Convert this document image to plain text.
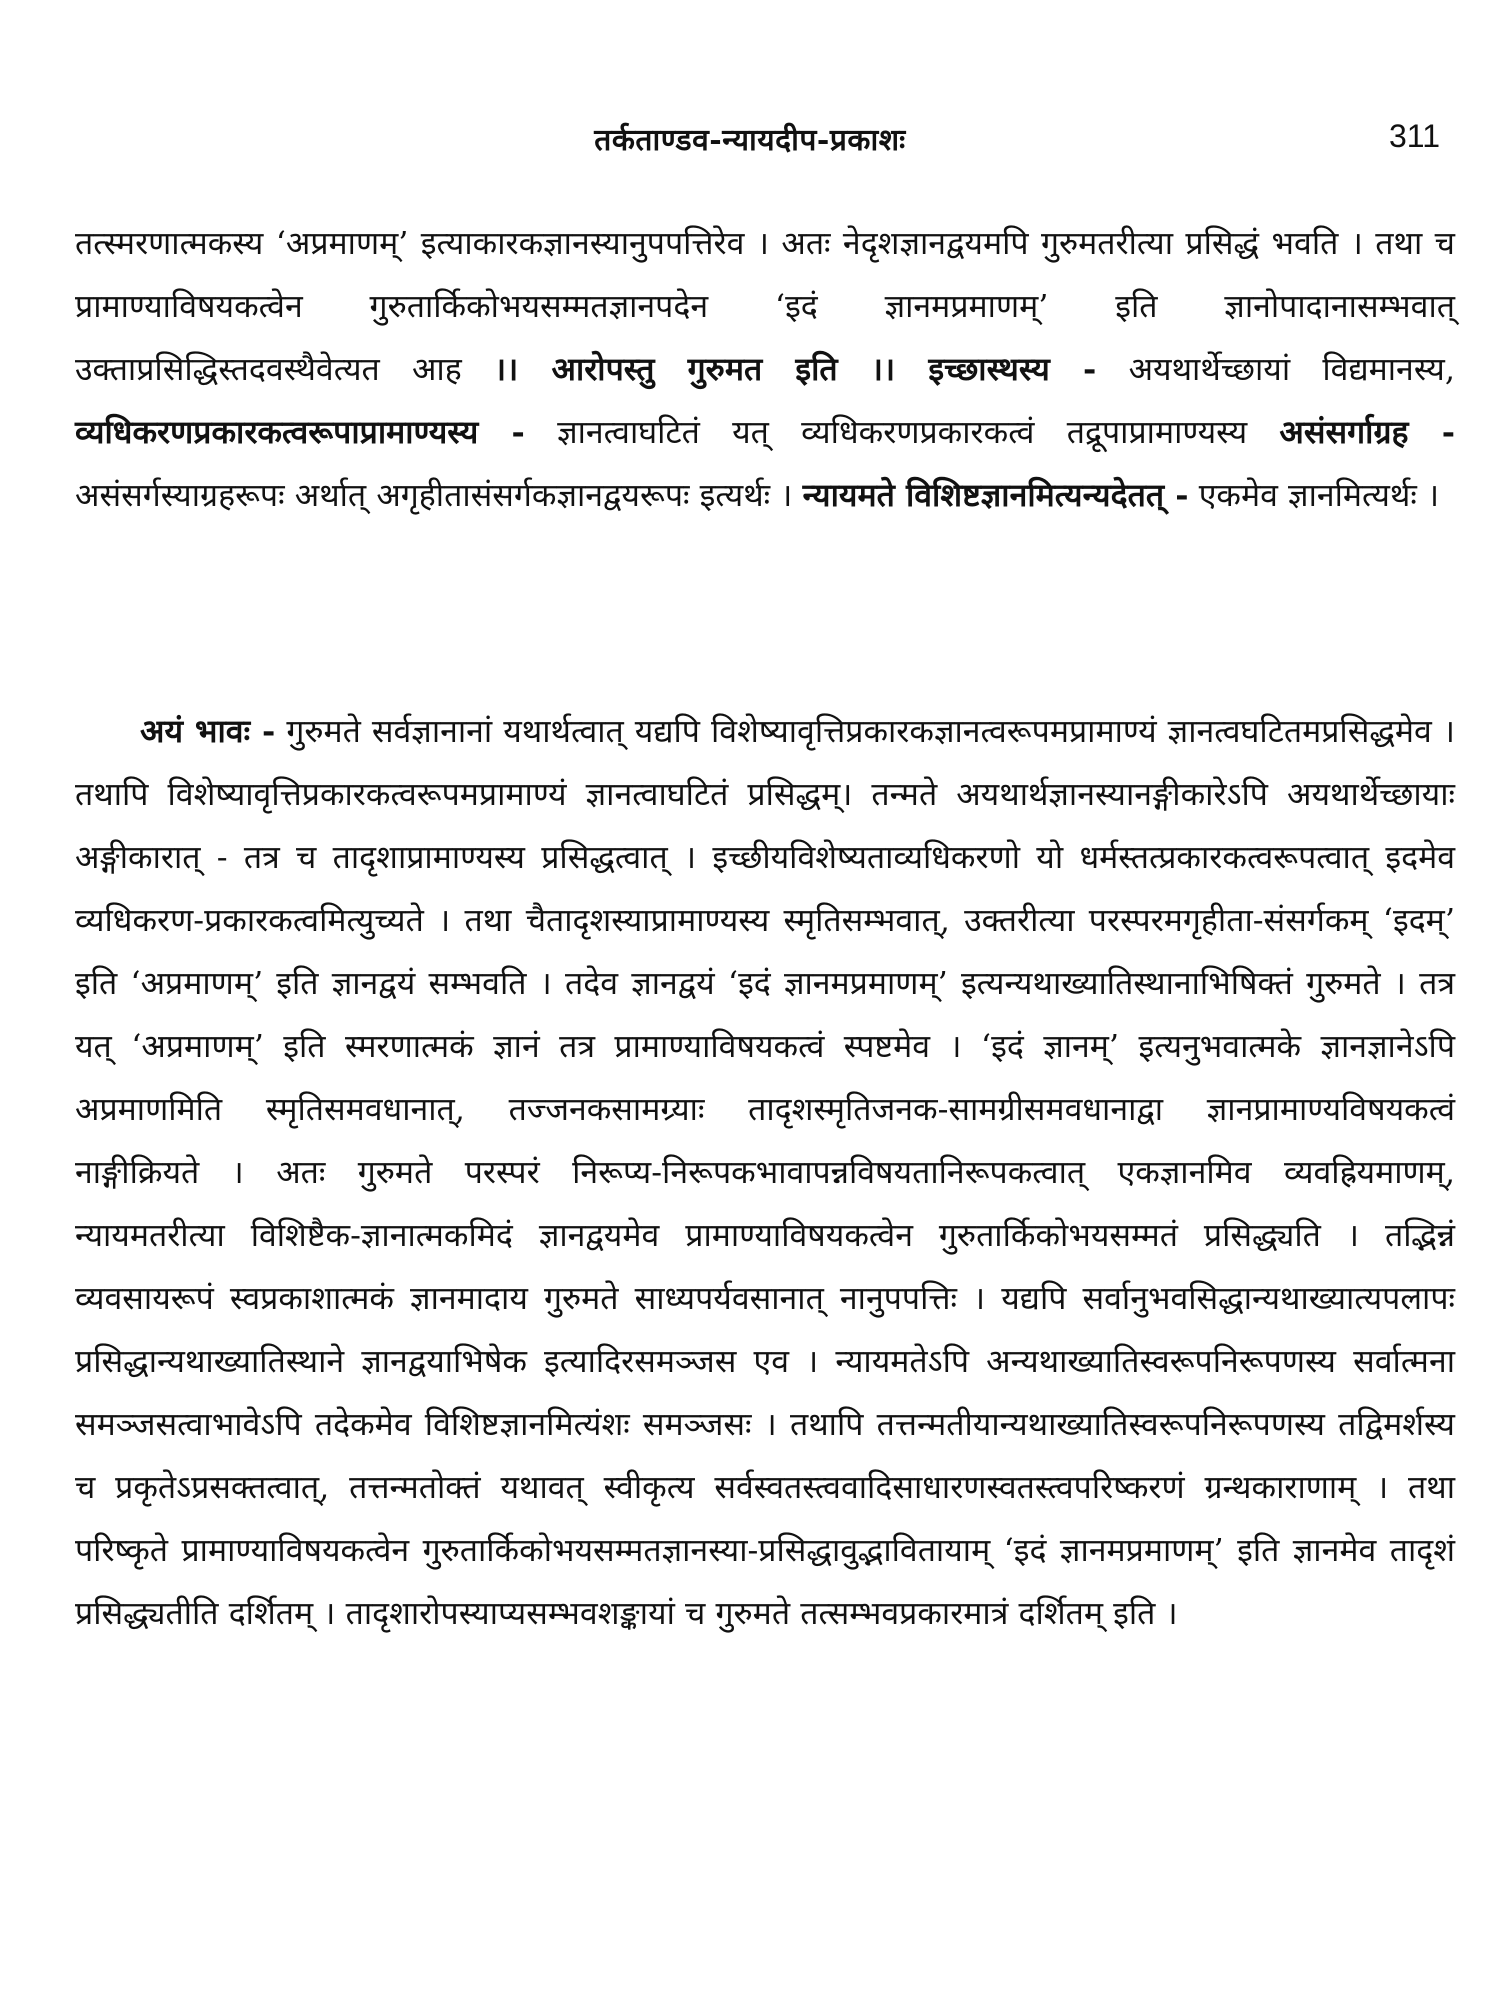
तर्कताण्डव-न्यायदीप-प्रकाशः	311
तत्स्मरणात्मकस्य ‘अप्रमाणम्’ इत्याकारकज्ञानस्यानुपपत्तिरेव । अतः नेदृशज्ञानद्वयमपि गुरुमतरीत्या प्रसिद्धं भवति । तथा च प्रामाण्याविषयकत्वेन गुरुतार्किकोभयसम्मतज्ञानपदेन ‘इदं ज्ञानमप्रमाणम्’ इति ज्ञानोपादानासम्भवात् उक्ताप्रसिद्धिस्तदवस्थैवेत्यत आह ।। आरोपस्तु गुरुमत इति ।। इच्छास्थस्य - अयथार्थेच्छायां विद्यमानस्य, व्यधिकरणप्रकारकत्वरूपाप्रामाण्यस्य - ज्ञानत्वाघटितं यत् व्यधिकरणप्रकारकत्वं तद्रूपाप्रामाण्यस्य असंसर्गाग्रह - असंसर्गस्याग्रहरूपः अर्थात् अगृहीतासंसर्गकज्ञानद्वयरूपः इत्यर्थः । न्यायमते विशिष्टज्ञानमित्यन्यदेतत् - एकमेव ज्ञानमित्यर्थः ।
अयं भावः - गुरुमते सर्वज्ञानानां यथार्थत्वात् यद्यपि विशेष्यावृत्तिप्रकारकज्ञानत्वरूपमप्रामाण्यं ज्ञानत्वघटितमप्रसिद्धमेव । तथापि विशेष्यावृत्तिप्रकारकत्वरूपमप्रामाण्यं ज्ञानत्वाघटितं प्रसिद्धम्। तन्मते अयथार्थज्ञानस्यानङ्गीकारेऽपि अयथार्थेच्छायाः अङ्गीकारात् - तत्र च तादृशाप्रामाण्यस्य प्रसिद्धत्वात् । इच्छीयविशेष्यताव्यधिकरणो यो धर्मस्तत्प्रकारकत्वरूपत्वात् इदमेव व्यधिकरण-प्रकारकत्वमित्युच्यते । तथा चैतादृशस्याप्रामाण्यस्य स्मृतिसम्भवात्, उक्तरीत्या परस्परमगृहीता-संसर्गकम् ‘इदम्’ इति ‘अप्रमाणम्’ इति ज्ञानद्वयं सम्भवति । तदेव ज्ञानद्वयं ‘इदं ज्ञानमप्रमाणम्’ इत्यन्यथाख्यातिस्थानाभिषिक्तं गुरुमते । तत्र यत् ‘अप्रमाणम्’ इति स्मरणात्मकं ज्ञानं तत्र प्रामाण्याविषयकत्वं स्पष्टमेव । ‘इदं ज्ञानम्’ इत्यनुभवात्मके ज्ञानज्ञानेऽपि अप्रमाणमिति स्मृतिसमवधानात्, तज्जनकसामग्र्याः तादृशस्मृतिजनक-सामग्रीसमवधानाद्वा ज्ञानप्रामाण्यविषयकत्वं नाङ्गीक्रियते । अतः गुरुमते परस्परं निरूप्य-निरूपकभावापन्नविषयतानिरूपकत्वात् एकज्ञानमिव व्यवह्रियमाणम्, न्यायमतरीत्या विशिष्टैक-ज्ञानात्मकमिदं ज्ञानद्वयमेव प्रामाण्याविषयकत्वेन गुरुतार्किकोभयसम्मतं प्रसिद्ध्यति । तद्भिन्नं व्यवसायरूपं स्वप्रकाशात्मकं ज्ञानमादाय गुरुमते साध्यपर्यवसानात् नानुपपत्तिः । यद्यपि सर्वानुभवसिद्धान्यथाख्यात्यपलापः प्रसिद्धान्यथाख्यातिस्थाने ज्ञानद्वयाभिषेक इत्यादिरसमञ्जस एव । न्यायमतेऽपि अन्यथाख्यातिस्वरूपनिरूपणस्य सर्वात्मना समञ्जसत्वाभावेऽपि तदेकमेव विशिष्टज्ञानमित्यंशः समञ्जसः । तथापि तत्तन्मतीयान्यथाख्यातिस्वरूपनिरूपणस्य तद्विमर्शस्य च प्रकृतेऽप्रसक्तत्वात्, तत्तन्मतोक्तं यथावत् स्वीकृत्य सर्वस्वतस्त्ववादिसाधारणस्वतस्त्वपरिष्करणं ग्रन्थकाराणाम् । तथा परिष्कृते प्रामाण्याविषयकत्वेन गुरुतार्किकोभयसम्मतज्ञानस्या-प्रसिद्धावुद्भावितायाम् ‘इदं ज्ञानमप्रमाणम्’ इति ज्ञानमेव तादृशं प्रसिद्ध्यतीति दर्शितम् । तादृशारोपस्याप्यसम्भवशङ्कायां च गुरुमते तत्सम्भवप्रकारमात्रं दर्शितम् इति ।
